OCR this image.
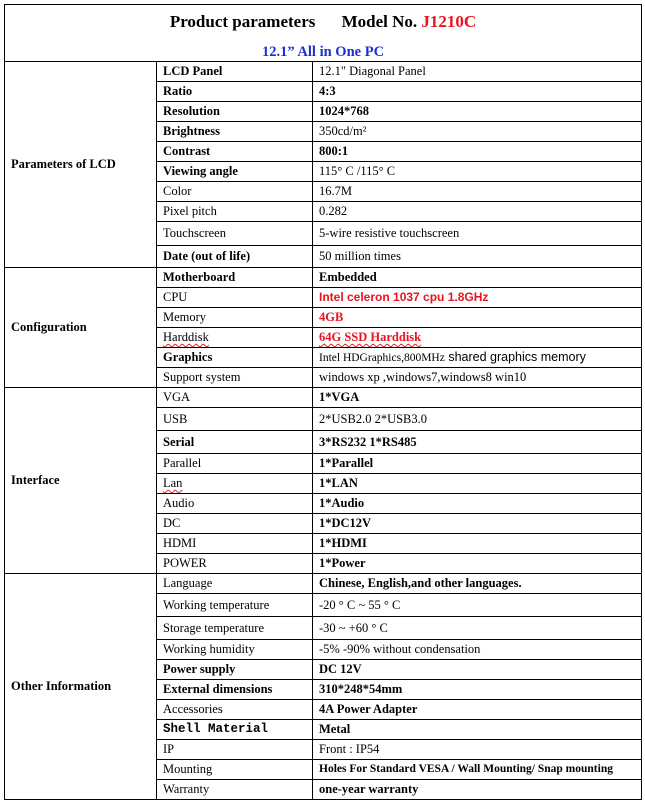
Product parameters Model No. J1210C
12.1” All in One PC		

Parameters of LCD	LCD Panel	12.1" Diagonal Panel
	Ratio	4:3
	Resolution	1024*768
	Brightness	350cd/m²
	Contrast	800:1
	Viewing angle	115° C /115° C
	Color	16.7M
	Pixel pitch	0.282
	Touchscreen	5-wire resistive touchscreen
	Date (out of life)	50 million times
Configuration	Motherboard	Embedded
	CPU	Intel celeron 1037 cpu 1.8GHz
	Memory	4GB
	Harddisk	64G SSD Harddisk
	Graphics	Intel HDGraphics,800MHz shared graphics memory
	Support system	windows xp ,windows7,windows8 win10
Interface	VGA	1*VGA
	USB	2*USB2.0 2*USB3.0
	Serial	3*RS232 1*RS485
	Parallel	1*Parallel
	Lan	1*LAN
	Audio	1*Audio
	DC	1*DC12V
	HDMI	1*HDMI
	POWER	1*Power
Other Information	Language	Chinese, English,and other languages.
	Working temperature	-20 ° C ~ 55 ° C
	Storage temperature	-30 ~ +60 ° C
	Working humidity	-5% -90% without condensation
	Power supply	DC 12V
	External dimensions	310*248*54mm
	Accessories	4A Power Adapter
	Shell Material	Metal
	IP	Front : IP54
	Mounting	Holes For Standard VESA / Wall Mounting/ Snap mounting
	Warranty	one-year warranty
